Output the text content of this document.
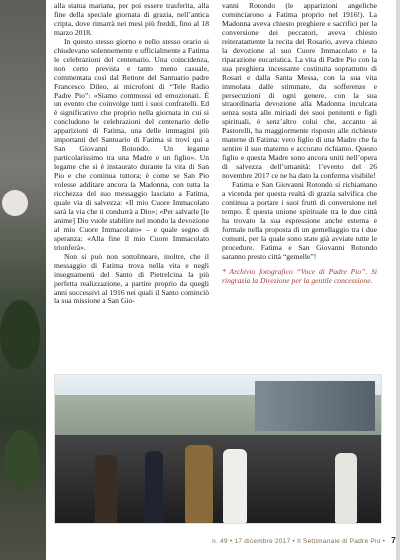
alla statua mariana, per poi essere trasferita, alla fine della speciale giornata di grazia, nell’antica cripta, dove rimarrà nei mesi più freddi, fino al 18 marzo 2018.

In questo stesso giorno e nello stesso orario si chiudevano solennemente e ufficialmente a Fatima le celebrazioni del centenario. Una coincidenza, non certo prevista e tanto meno casuale, commentata così dal Rettore del Santuario padre Francesco Dileo, ai microfoni di “Tele Radio Padre Pio”: «Siamo commossi ed emozionati. È un evento che coinvolge tutti i suoi confratelli. Ed è significativo che proprio nella giornata in cui si concludono le celebrazioni del centenario delle apparizioni di Fatima, una delle immagini più importanti del Santuario di Fatima si trovi qui a San Giovanni Rotondo. Un legame particolarissimo tra una Madre e un figlio». Un legame che si è instaurato durante la vita di San Pio e che continua tuttora; è come se San Pio volesse additare ancora la Madonna, con tutta la ricchezza del suo messaggio lasciato a Fatima, quale via di salvezza: «Il mio Cuore Immacolato sarà la via che ti condurrà a Dio»; «Per salvarle [le anime] Dio vuole stabilire nel mondo la devozione al mio Cuore Immacolato» – e quale segno di speranza: «Alla fine il mio Cuore Immacolato trionferà».

Non si può non sottolineare, inoltre, che il messaggio di Fatima trova nella vita e negli insegnamenti del Santo di Pietrelcina la più perfetta realizzazione, a partire proprio da quegli anni successivi al 1916 nei quali il Santo cominciò la sua missione a San Gio-

vanni Rotondo (le apparizioni angeliche cominciarono a Fatima proprio nel 1916!). La Madonna aveva chiesto preghiere e sacrifici per la conversione dei peccatori, aveva chiesto reiteratamente la recita del Rosario, aveva chiesto la devozione al suo Cuore Immacolato e la riparazione eucaristica. La vita di Padre Pio con la sua preghiera incessante costituita soprattutto di Rosari e dalla Santa Messa, con la sua vita immolata dalle stimmate, da sofferenze e persecuzioni di ogni genere, con la sua straordinaria devozione alla Madonna inculcata senza sosta alle miriadi dei suoi penitenti e figli spirituali, è senz’altro colui che, accanto ai Pastorelli, ha maggiormente risposto alle richieste materne di Fatima: vero figlio di una Madre che fa sentire il suo materno e accorato richiamo. Questo figlio e questa Madre sono ancora uniti nell’opera di salvezza dell’umanità: l’evento del 26 novembre 2017 ce ne ha dato la conferma visibile!

Fatima e San Giovanni Rotondo si richiamano a vicenda per questa realtà di grazia salvifica che continua a portare i suoi frutti di conversione nel tempo. È questa unione spirituale tra le due città ha trovato la sua espressione anche esterna e formale nella proposta di un gemellaggio tra i due comuni, per la quale sono state già avviate tutte le procedure. Fatima e San Giovanni Rotondo saranno presto città “gemelle”!

* Archivio fotografico “Voce di Padre Pio”. Si ringrazia la Direzione per la gentile concessione.

n. 49 • 17 dicembre 2017 • Il Settimanale di Padre Pio • 7
